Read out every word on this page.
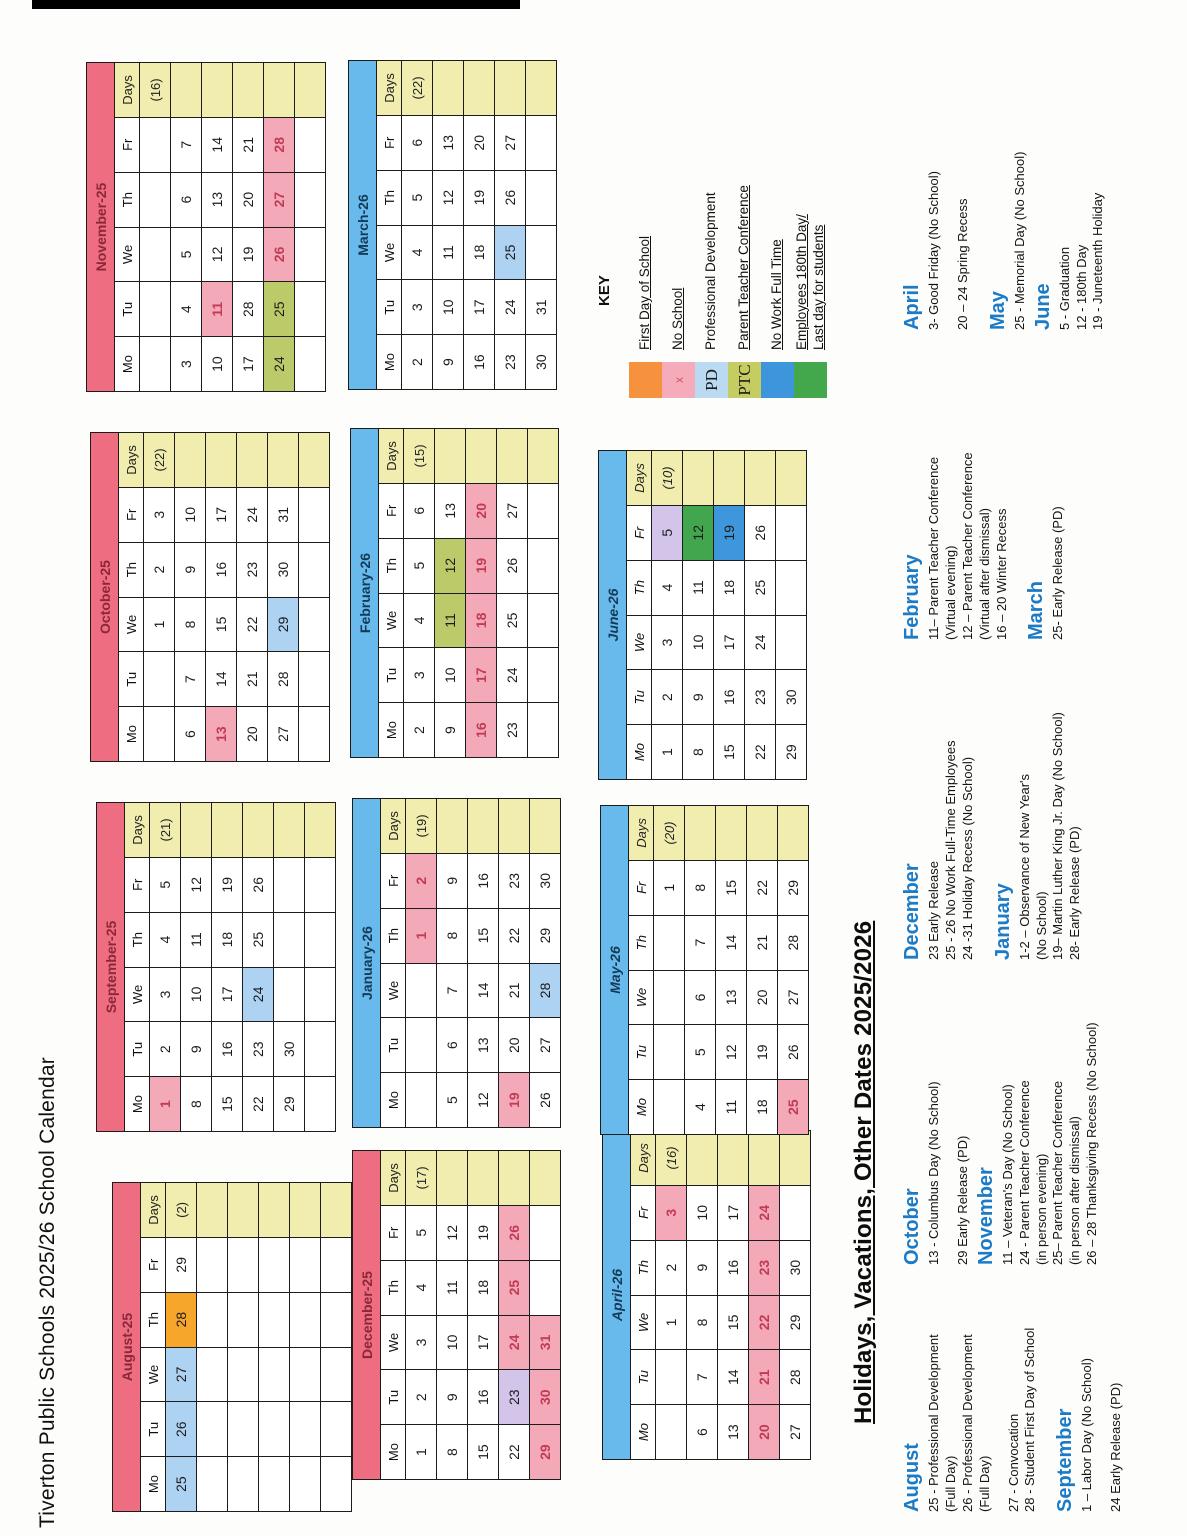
Tiverton Public Schools 2025/26 School Calendar	August-25					
Mo	Tu	We	Th	Fr	Days
25	26	27	28	29	(2)

September-25					
Mo	Tu	We	Th	Fr	Days
1	2	3	4	5	(21)
8	9	10	11	12	
15	16	17	18	19	
22	23	24	25	26	
29	30				

October-25					
Mo	Tu	We	Th	Fr	Days
		1	2	3	(22)
6	7	8	9	10	
13	14	15	16	17	
20	21	22	23	24	
27	28	29	30	31	

November-25					
Mo	Tu	We	Th	Fr	Days
					(16)
3	4	5	6	7	
10	11	12	13	14	
17	28	19	20	21	
24	25	26	27	28	

December-25					
Mo	Tu	We	Th	Fr	Days
1	2	3	4	5	(17)
8	9	10	11	12	
15	16	17	18	19	
22	23	24	25	26	
29	30	31			
January-26					
Mo	Tu	We	Th	Fr	Days
			1	2	(19)
5	6	7	8	9	
12	13	14	15	16	
19	20	21	22	23	
26	27	28	29	30	
February-26					
Mo	Tu	We	Th	Fr	Days
2	3	4	5	6	(15)
9	10	11	12	13	
16	17	18	19	20	
23	24	25	26	27	

March-26					
Mo	Tu	We	Th	Fr	Days
2	3	4	5	6	(22)
9	10	11	12	13	
16	17	18	19	20	
23	24	25	26	27	
30	31				
April-26					
Mo	Tu	We	Th	Fr	Days
		1	2	3	(16)
6	7	8	9	10	
13	14	15	16	17	
20	21	22	23	24	
27	28	29	30		
May-26					
Mo	Tu	We	Th	Fr	Days
				1	(20)
4	5	6	7	8	
11	12	13	14	15	
18	19	20	21	22	
25	26	27	28	29	
June-26					
Mo	Tu	We	Th	Fr	Days
1	2	3	4	5	(10)
8	9	10	11	12	
15	16	17	18	19	
22	23	24	25	26	
29	30				
KEY First Day of School
x
No School
PD
Professional Development
PTC
Parent Teacher Conference No Work Full Time Employees 180th Day/ Last day for students
Holidays, Vacations, Other Dates 2025/2026
August 25 - Professional Development (Full Day) 26 - Professional Development (Full Day) 27 - Convocation 28 - Student First Day of School September 1 – Labor Day (No School) 24 Early Release (PD)
October 13 - Columbus Day (No School) 29 Early Release (PD) November 11 – Veteran's Day (No School) 24 - Parent Teacher Conference (in person evening) 25– Parent Teacher Conference (in person after dismissal) 26 – 28 Thanksgiving Recess (No School)
December 23 Early Release 25 - 26 No Work Full-Time Employees 24 -31 Holiday Recess (No School) January 1-2 – Observance of New Year's (No School) 19– Martin Luther King Jr. Day (No School) 28- Early Release (PD)
February 11– Parent Teacher Conference (Virtual evening) 12 – Parent Teacher Conference (Virtual after dismissal) 16 – 20 Winter Recess March 25- Early Release (PD)
April 3- Good Friday (No School) 20 – 24 Spring Recess May 25 - Memorial Day (No School) June 5 - Graduation 12 - 180th Day 19 - Juneteenth Holiday
